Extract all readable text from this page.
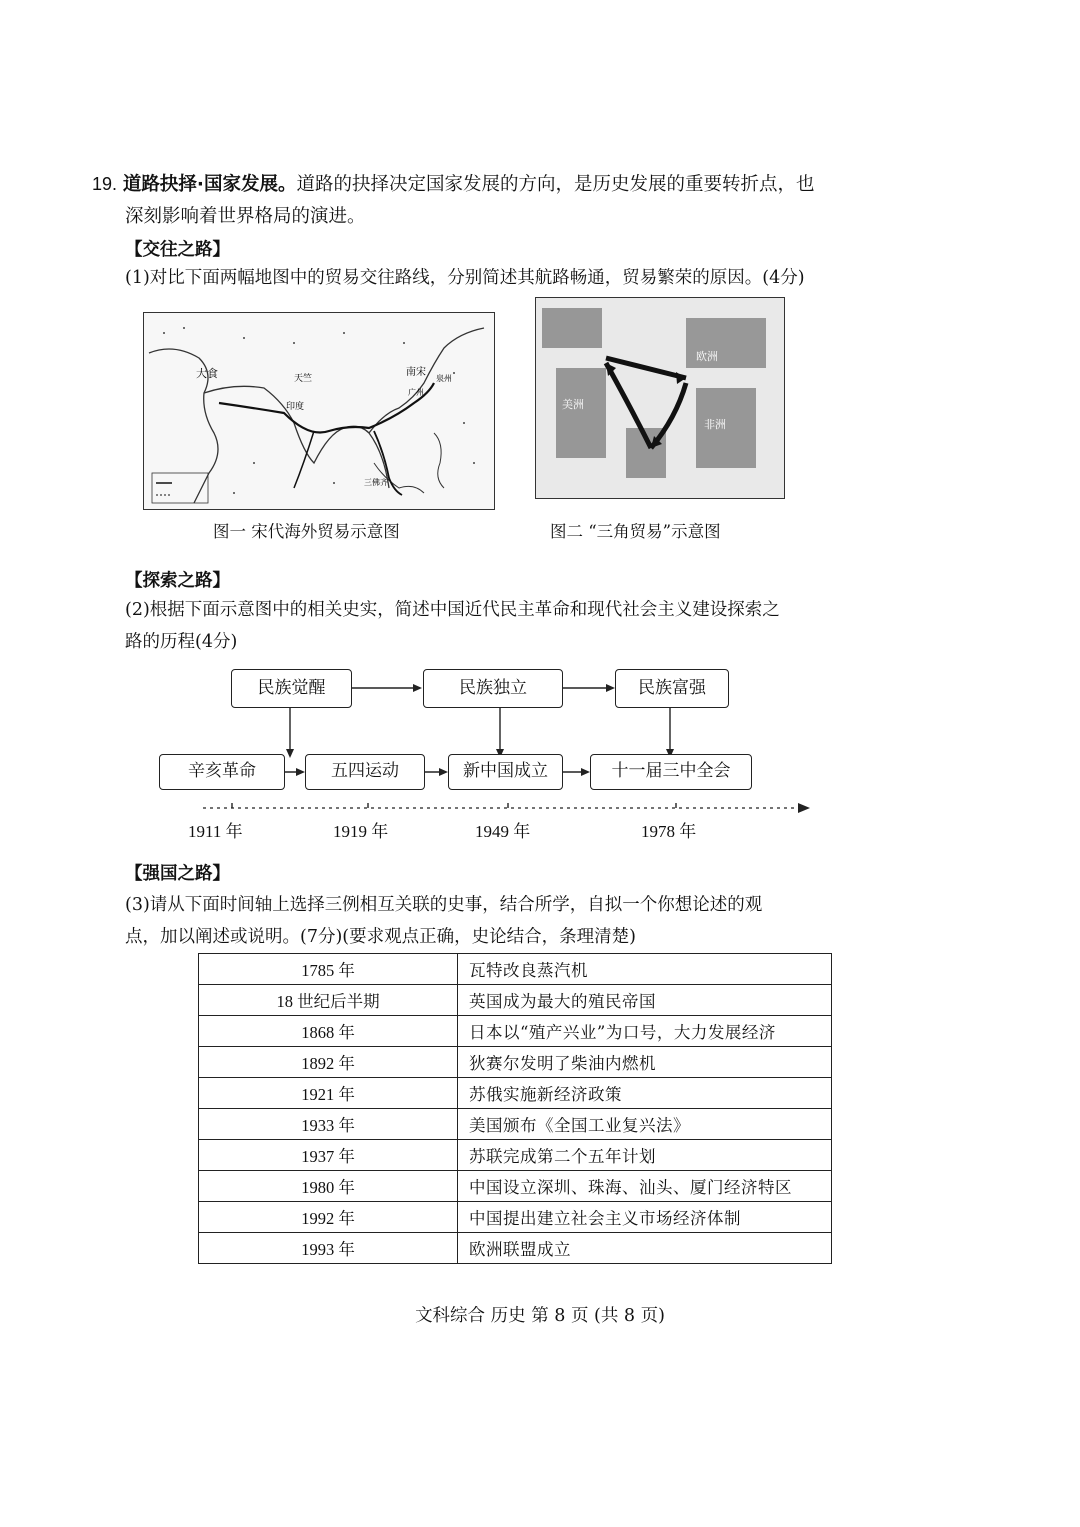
19. 道路抉择·国家发展。道路的抉择决定国家发展的方向，是历史发展的重要转折点，也
深刻影响着世界格局的演进。
【交往之路】
(1)对比下面两幅地图中的贸易交往路线，分别简述其航路畅通，贸易繁荣的原因。(4分)
大食	天竺
印度
南宋
广州
泉州
三佛齐
图一 宋代海外贸易示意图
欧洲
非洲
美洲
图二 “三角贸易”示意图
【探索之路】
(2)根据下面示意图中的相关史实，简述中国近代民主革命和现代社会主义建设探索之
路的历程(4分)
民族觉醒	民族独立	民族富强
辛亥革命	五四运动	新中国成立	十一届三中全会
1911 年	1919 年	1949 年	1978 年
【强国之路】
(3)请从下面时间轴上选择三例相互关联的史事，结合所学，自拟一个你想论述的观
点，加以阐述或说明。(7分)(要求观点正确，史论结合，条理清楚)
1785 年	瓦特改良蒸汽机
18 世纪后半期	英国成为最大的殖民帝国
1868 年	日本以“殖产兴业”为口号，大力发展经济
1892 年	狄赛尔发明了柴油内燃机
1921 年	苏俄实施新经济政策
1933 年	美国颁布《全国工业复兴法》
1937 年	苏联完成第二个五年计划
1980 年	中国设立深圳、珠海、汕头、厦门经济特区
1992 年	中国提出建立社会主义市场经济体制
1993 年	欧洲联盟成立
文科综合 历史 第 8 页 (共 8 页)
